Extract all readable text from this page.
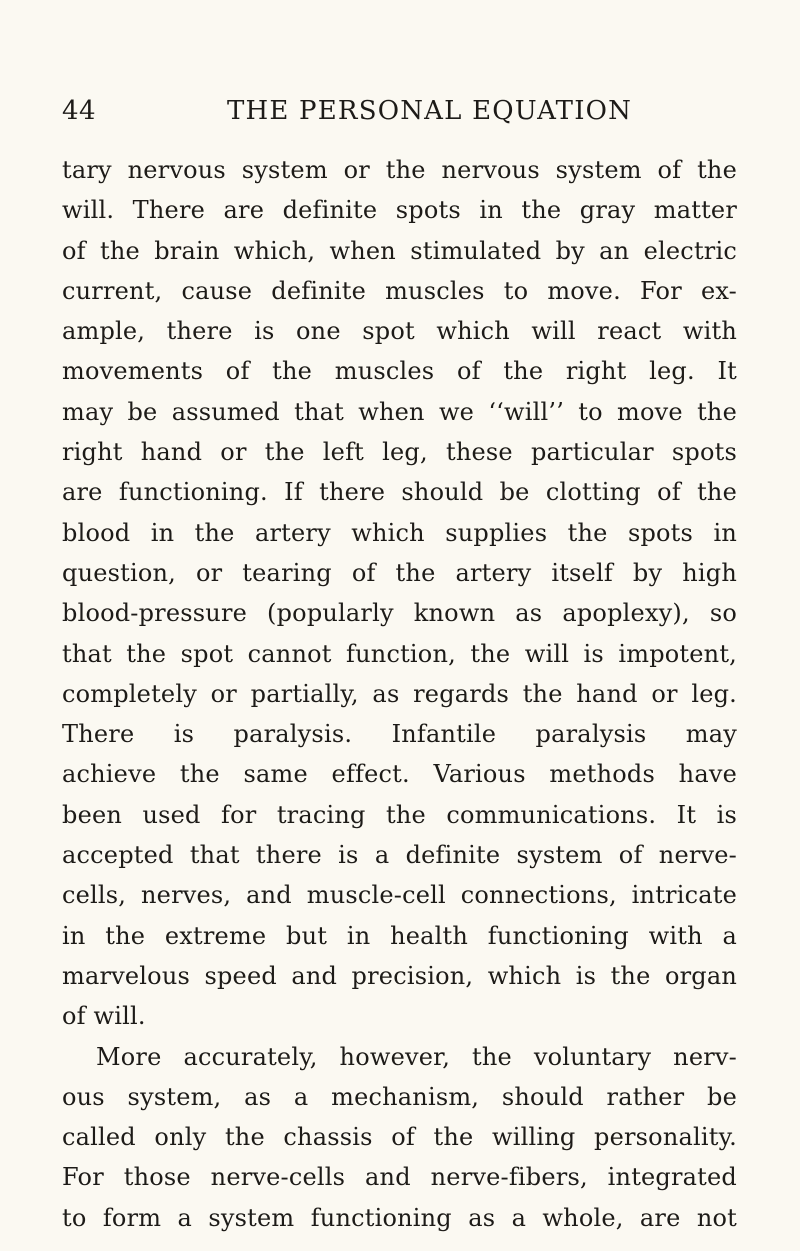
44	THE PERSONAL EQUATION
tary nervous system or the nervous system of the
will. There are definite spots in the gray matter
of the brain which, when stimulated by an electric
current, cause definite muscles to move. For ex-
ample, there is one spot which will react with
movements of the muscles of the right leg. It
may be assumed that when we ‘‘will’’ to move the
right hand or the left leg, these particular spots
are functioning. If there should be clotting of the
blood in the artery which supplies the spots in
question, or tearing of the artery itself by high
blood-pressure (popularly known as apoplexy), so
that the spot cannot function, the will is impotent,
completely or partially, as regards the hand or leg.
There is paralysis. Infantile paralysis may
achieve the same effect. Various methods have
been used for tracing the communications. It is
accepted that there is a definite system of nerve-
cells, nerves, and muscle-cell connections, intricate
in the extreme but in health functioning with a
marvelous speed and precision, which is the organ
of will.
More accurately, however, the voluntary nerv-
ous system, as a mechanism, should rather be
called only the chassis of the willing personality.
For those nerve-cells and nerve-fibers, integrated
to form a system functioning as a whole, are not
